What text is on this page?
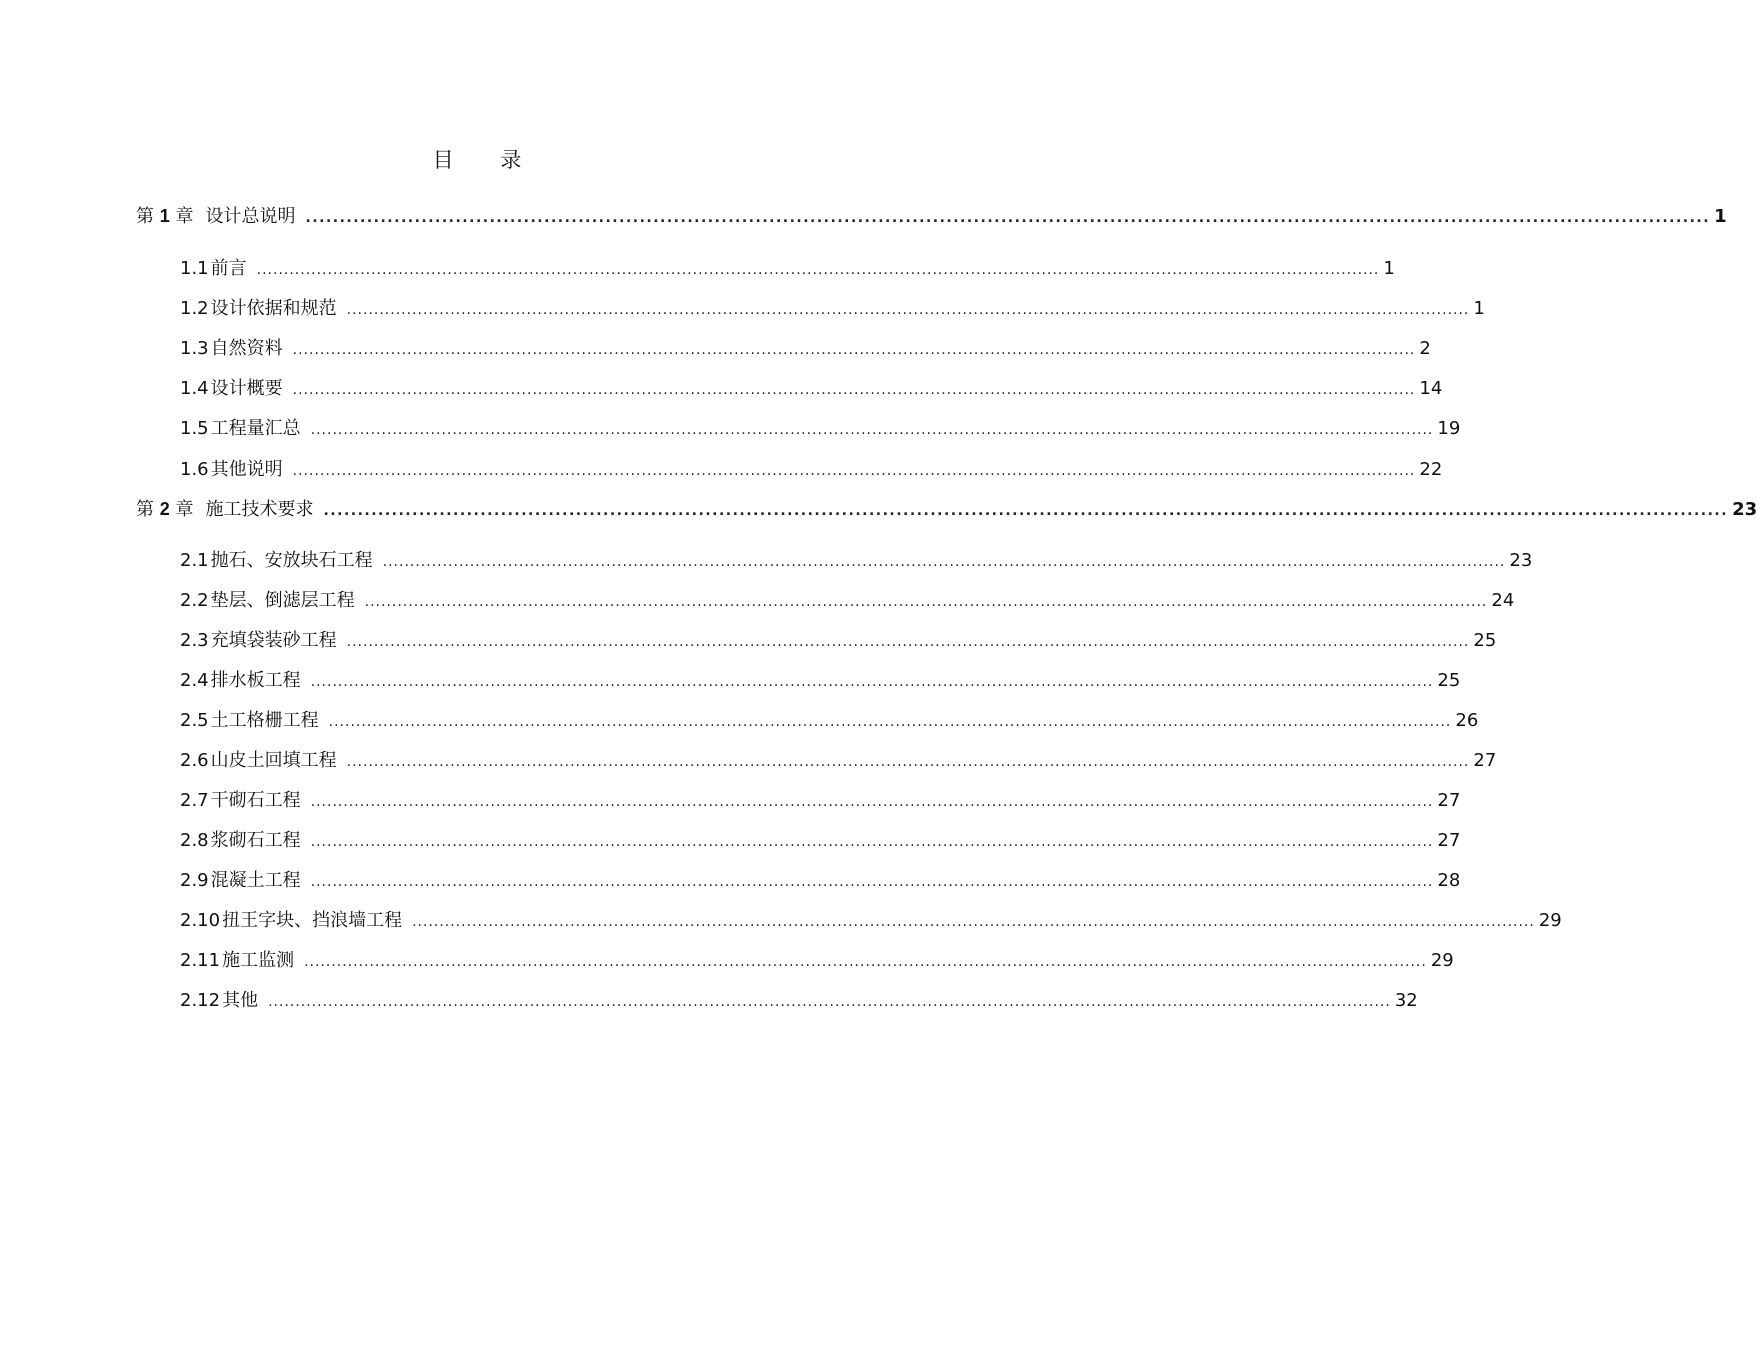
目 录
第 1 章 设计总说明 .............................................................................................................................................................................................................. 1
1.1 前言 .............................................................................................................................................................................................................. 1
1.2 设计依据和规范 .............................................................................................................................................................................................................. 1
1.3 自然资料 .............................................................................................................................................................................................................. 2
1.4 设计概要 .............................................................................................................................................................................................................. 14
1.5 工程量汇总 .............................................................................................................................................................................................................. 19
1.6 其他说明 .............................................................................................................................................................................................................. 22
第 2 章 施工技术要求 .............................................................................................................................................................................................................. 23
2.1 抛石、安放块石工程 .............................................................................................................................................................................................................. 23
2.2 垫层、倒滤层工程 .............................................................................................................................................................................................................. 24
2.3 充填袋装砂工程 .............................................................................................................................................................................................................. 25
2.4 排水板工程 .............................................................................................................................................................................................................. 25
2.5 土工格栅工程 .............................................................................................................................................................................................................. 26
2.6 山皮土回填工程 .............................................................................................................................................................................................................. 27
2.7 干砌石工程 .............................................................................................................................................................................................................. 27
2.8 浆砌石工程 .............................................................................................................................................................................................................. 27
2.9 混凝土工程 .............................................................................................................................................................................................................. 28
2.10 扭王字块、挡浪墙工程 .............................................................................................................................................................................................................. 29
2.11 施工监测 .............................................................................................................................................................................................................. 29
2.12 其他 .............................................................................................................................................................................................................. 32
